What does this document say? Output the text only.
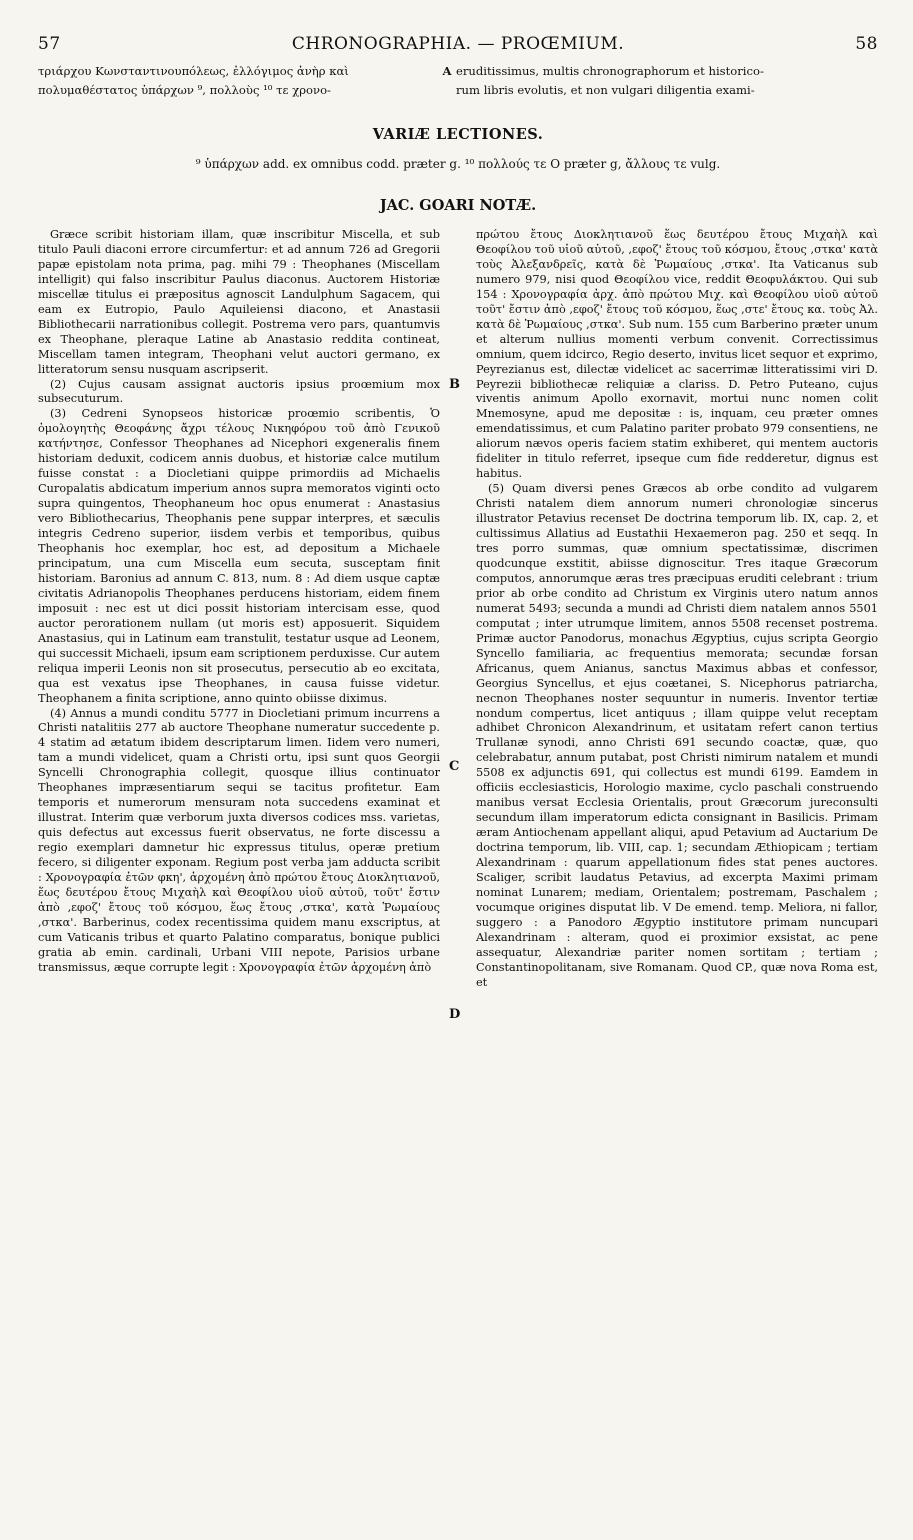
57	CHRONOGRAPHIA. — PROŒMIUM.	58
τριάρχου Κωνσταντινουπόλεως, ἐλλόγιμος ἀνὴρ καὶ	A eruditissimus, multis chronographorum et historico-
πολυμαθέστατος ὑπάρχων ⁹, πολλοὺς ¹⁰ τε χρονο-	rum libris evolutis, et non vulgari diligentia exami-
VARIÆ LECTIONES.
⁹ ὑπάρχων add. ex omnibus codd. præter g. ¹⁰ πολλούς τε O præter g, ἄλλους τε vulg.
JAC. GOARI NOTÆ.

Græce scribit historiam illam, quæ inscribitur Miscella, et sub titulo Pauli diaconi errore circumfertur: et ad annum 726 ad Gregorii papæ epistolam nota prima, pag. mihi 79 : Theophanes (Miscellam intelligit) qui falso inscribitur Paulus diaconus. Auctorem Historiæ miscellæ titulus ei præpositus agnoscit Landulphum Sagacem, qui eam ex Eutropio, Paulo Aquileiensi diacono, et Anastasii Bibliothecarii narrationibus collegit. Postrema vero pars, quantumvis ex Theophane, pleraque Latine ab Anastasio reddita contineat, Miscellam tamen integram, Theophani velut auctori germano, ex litteratorum sensu nusquam ascripserit.

(2) Cujus causam assignat auctoris ipsius proœmium mox subsecuturum.

(3) Cedreni Synopseos historicæ proœmio scribentis, Ὁ ὁμολογητὴς Θεοφάνης ἄχρι τέλους Νικηφόρου τοῦ ἀπὸ Γενικοῦ κατήντησε, Confessor Theophanes ad Nicephori exgeneralis finem historiam deduxit, codicem annis duobus, et historiæ calce mutilum fuisse constat : a Diocletiani quippe primordiis ad Michaelis Curopalatis abdicatum imperium annos supra memoratos viginti octo supra quingentos, Theophaneum hoc opus enumerat : Anastasius vero Bibliothecarius, Theophanis pene suppar interpres, et sæculis integris Cedreno superior, iisdem verbis et temporibus, quibus Theophanis hoc exemplar, hoc est, ad depositum a Michaele principatum, una cum Miscella eum secuta, susceptam finit historiam. Baronius ad annum C. 813, num. 8 : Ad diem usque captæ civitatis Adrianopolis Theophanes perducens historiam, eidem finem imposuit : nec est ut dici possit historiam intercisam esse, quod auctor perorationem nullam (ut moris est) apposuerit. Siquidem Anastasius, qui in Latinum eam transtulit, testatur usque ad Leonem, qui successit Michaeli, ipsum eam scriptionem perduxisse. Cur autem reliqua imperii Leonis non sit prosecutus, persecutio ab eo excitata, qua est vexatus ipse Theophanes, in causa fuisse videtur. Theophanem a finita scriptione, anno quinto obiisse diximus.

(4) Annus a mundi conditu 5777 in Diocletiani primum incurrens a Christi natalitiis 277 ab auctore Theophane numeratur succedente p. 4 statim ad ætatum ibidem descriptarum limen. Iidem vero numeri, tam a mundi videlicet, quam a Christi ortu, ipsi sunt quos Georgii Syncelli Chronographia collegit, quosque illius continuator Theophanes impræsentiarum sequi se tacitus profitetur. Eam temporis et numerorum mensuram nota succedens examinat et illustrat. Interim quæ verborum juxta diversos codices mss. varietas, quis defectus aut excessus fuerit observatus, ne forte discessu a regio exemplari damnetur hic expressus titulus, operæ pretium fecero, si diligenter exponam. Regium post verba jam adducta scribit : Χρονογραφία ἐτῶν φκη', ἀρχομένη ἀπὸ πρώτου ἔτους Διοκλητιανοῦ, ἕως δευτέρου ἔτους Μιχαὴλ καὶ Θεοφίλου υἱοῦ αὐτοῦ, τοῦτ' ἔστιν ἀπὸ ,εφοζ' ἔτους τοῦ κόσμου, ἕως ἔτους ,στκα', κατὰ Ῥωμαίους ,στκα'. Barberinus, codex recentissima quidem manu exscriptus, at cum Vaticanis tribus et quarto Palatino comparatus, bonique publici gratia ab emin. cardinali, Urbani VIII nepote, Parisios urbane transmissus, æque corrupte legit : Χρονογραφία ἐτῶν ἀρχομένη ἀπὸ

B
C
D

πρώτου ἔτους Διοκλητιανοῦ ἕως δευτέρου ἔτους Μιχαὴλ καὶ Θεοφίλου τοῦ υἱοῦ αὐτοῦ, ,εφοζ' ἔτους τοῦ κόσμου, ἔτους ,στκα' κατὰ τοὺς Ἀλεξανδρεῖς, κατὰ δὲ Ῥωμαίους ,στκα'. Ita Vaticanus sub numero 979, nisi quod Θεοφίλου vice, reddit Θεοφυλάκτου. Qui sub 154 : Χρονογραφία ἀρχ. ἀπὸ πρώτου Μιχ. καὶ Θεοφίλου υἱοῦ αὐτοῦ τοῦτ' ἔστιν ἀπὸ ,εφοζ' ἔτους τοῦ κόσμου, ἕως ,στε' ἔτους κα. τοὺς Ἀλ. κατὰ δὲ Ῥωμαίους ,στκα'. Sub num. 155 cum Barberino præter unum et alterum nullius momenti verbum convenit. Correctissimus omnium, quem idcirco, Regio deserto, invitus licet sequor et exprimo, Peyrezianus est, dilectæ videlicet ac sacerrimæ litteratissimi viri D. Peyrezii bibliothecæ reliquiæ a clariss. D. Petro Puteano, cujus viventis animum Apollo exornavit, mortui nunc nomen colit Mnemosyne, apud me depositæ : is, inquam, ceu præter omnes emendatissimus, et cum Palatino pariter probato 979 consentiens, ne aliorum nævos operis faciem statim exhiberet, qui mentem auctoris fideliter in titulo referret, ipseque cum fide redderetur, dignus est habitus.

(5) Quam diversi penes Græcos ab orbe condito ad vulgarem Christi natalem diem annorum numeri chronologiæ sincerus illustrator Petavius recenset De doctrina temporum lib. IX, cap. 2, et cultissimus Allatius ad Eustathii Hexaemeron pag. 250 et seqq. In tres porro summas, quæ omnium spectatissimæ, discrimen quodcunque exstitit, abiisse dignoscitur. Tres itaque Græcorum computos, annorumque æras tres præcipuas eruditi celebrant : trium prior ab orbe condito ad Christum ex Virginis utero natum annos numerat 5493; secunda a mundi ad Christi diem natalem annos 5501 computat ; inter utrumque limitem, annos 5508 recenset postrema. Primæ auctor Panodorus, monachus Ægyptius, cujus scripta Georgio Syncello familiaria, ac frequentius memorata; secundæ forsan Africanus, quem Anianus, sanctus Maximus abbas et confessor, Georgius Syncellus, et ejus coætanei, S. Nicephorus patriarcha, necnon Theophanes noster sequuntur in numeris. Inventor tertiæ nondum compertus, licet antiquus ; illam quippe velut receptam adhibet Chronicon Alexandrinum, et usitatam refert canon tertius Trullanæ synodi, anno Christi 691 secundo coactæ, quæ, quo celebrabatur, annum putabat, post Christi nimirum natalem et mundi 5508 ex adjunctis 691, qui collectus est mundi 6199. Eamdem in officiis ecclesiasticis, Horologio maxime, cyclo paschali construendo manibus versat Ecclesia Orientalis, prout Græcorum jureconsulti secundum illam imperatorum edicta consignant in Basilicis. Primam æram Antiochenam appellant aliqui, apud Petavium ad Auctarium De doctrina temporum, lib. VIII, cap. 1; secundam Æthiopicam ; tertiam Alexandrinam : quarum appellationum fides stat penes auctores. Scaliger, scribit laudatus Petavius, ad excerpta Maximi primam nominat Lunarem; mediam, Orientalem; postremam, Paschalem ; vocumque origines disputat lib. V De emend. temp. Meliora, ni fallor, suggero : a Panodoro Ægyptio institutore primam nuncupari Alexandrinam : alteram, quod ei proximior exsistat, ac pene assequatur, Alexandriæ pariter nomen sortitam ; tertiam ; Constantinopolitanam, sive Romanam. Quod CP., quæ nova Roma est, et
